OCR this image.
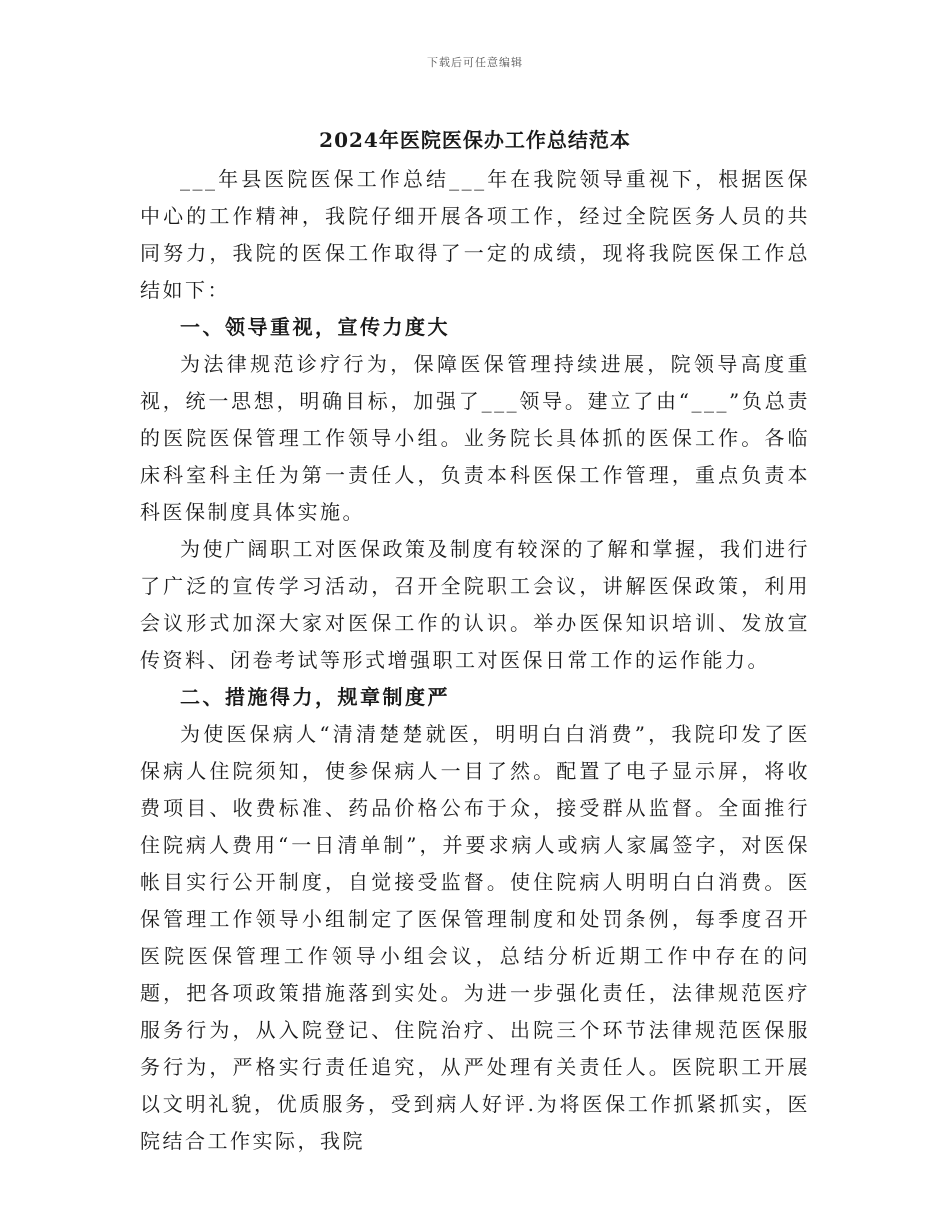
下载后可任意编辑
2024年医院医保办工作总结范本

___年县医院医保工作总结___年在我院领导重视下，根据医保中心的工作精神，我院仔细开展各项工作，经过全院医务人员的共同努力，我院的医保工作取得了一定的成绩，现将我院医保工作总结如下：

一、领导重视，宣传力度大

为法律规范诊疗行为，保障医保管理持续进展，院领导高度重视，统一思想，明确目标，加强了___领导。建立了由“___”负总责的医院医保管理工作领导小组。业务院长具体抓的医保工作。各临床科室科主任为第一责任人，负责本科医保工作管理，重点负责本科医保制度具体实施。

为使广阔职工对医保政策及制度有较深的了解和掌握，我们进行了广泛的宣传学习活动，召开全院职工会议，讲解医保政策，利用会议形式加深大家对医保工作的认识。举办医保知识培训、发放宣传资料、闭卷考试等形式增强职工对医保日常工作的运作能力。

二、措施得力，规章制度严

为使医保病人“清清楚楚就医，明明白白消费”，我院印发了医保病人住院须知，使参保病人一目了然。配置了电子显示屏，将收费项目、收费标准、药品价格公布于众，接受群从监督。全面推行住院病人费用“一日清单制”，并要求病人或病人家属签字，对医保帐目实行公开制度，自觉接受监督。使住院病人明明白白消费。医保管理工作领导小组制定了医保管理制度和处罚条例，每季度召开医院医保管理工作领导小组会议，总结分析近期工作中存在的问题，把各项政策措施落到实处。为进一步强化责任，法律规范医疗服务行为，从入院登记、住院治疗、出院三个环节法律规范医保服务行为，严格实行责任追究，从严处理有关责任人。医院职工开展以文明礼貌，优质服务，受到病人好评.为将医保工作抓紧抓实，医院结合工作实际，我院
